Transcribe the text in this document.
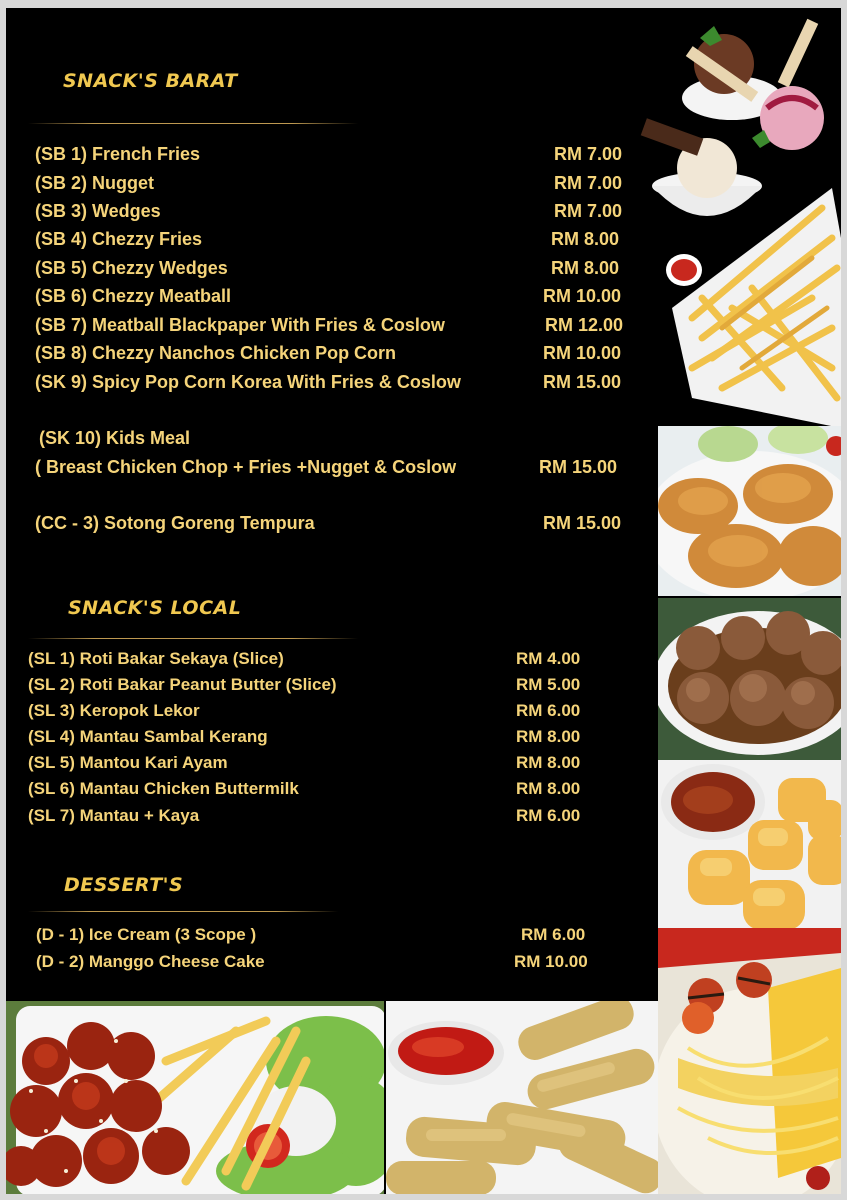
SNACK'S BARAT
(SB 1) French Fries	RM 7.00
(SB 2) Nugget	RM 7.00
(SB 3) Wedges	RM 7.00
(SB 4) Chezzy Fries	RM 8.00
(SB 5) Chezzy Wedges	RM 8.00
(SB 6) Chezzy Meatball	RM 10.00
(SB 7) Meatball Blackpaper With Fries & Coslow	RM 12.00
(SB 8) Chezzy Nanchos Chicken Pop Corn	RM 10.00
(SK 9) Spicy Pop Corn Korea With Fries & Coslow	RM 15.00
(SK 10) Kids Meal
( Breast Chicken Chop + Fries +Nugget & Coslow	RM 15.00
(CC - 3) Sotong Goreng Tempura	RM 15.00
SNACK'S LOCAL
(SL 1) Roti Bakar Sekaya (Slice)	RM 4.00
(SL 2) Roti Bakar Peanut Butter (Slice)	RM 5.00
(SL 3) Keropok Lekor	RM 6.00
(SL 4) Mantau Sambal Kerang	RM 8.00
(SL 5) Mantou Kari Ayam	RM 8.00
(SL 6) Mantau Chicken Buttermilk	RM 8.00
(SL 7) Mantau + Kaya	RM 6.00
DESSERT'S
(D - 1) Ice Cream (3 Scope )	RM 6.00
(D - 2) Manggo Cheese Cake	RM 10.00
